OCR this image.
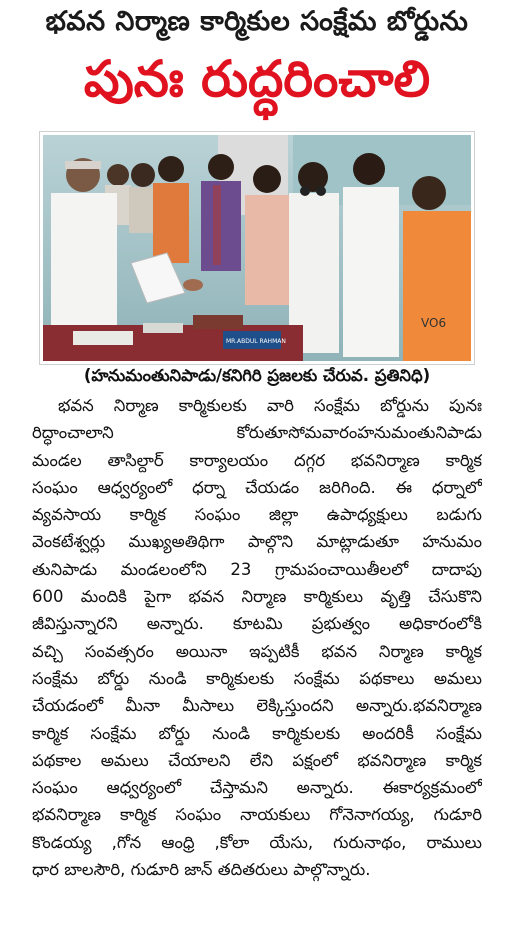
భవన నిర్మాణ కార్మికుల సంక్షేమ బోర్డును
పునః రుద్ధరించాలి
VO6
MR.ABDUL RAHMAN
(హనుమంతునిపాడు/కనిగిరి ప్రజలకు చేరువ. ప్రతినిధి)
భవన నిర్మాణ కార్మికులకు వారి సంక్షేమ బోర్డును పునః
రిద్ధాంచాలాని కోరుతూసోమవారంహనుమంతునిపాడు
మండల తాసిల్దార్ కార్యాలయం దగ్గర భవనిర్మాణ కార్మిక
సంఘం ఆధ్వర్యంలో ధర్నా చేయడం జరిగింది. ఈ ధర్నాలో
వ్యవసాయ కార్మిక సంఘం జిల్లా ఉపాధ్యక్షులు బడుగు
వెంకటేశ్వర్లు ముఖ్యఅతిథిగా పాల్గొని మాట్లాడుతూ హనుమం
తునిపాడు మండలంలోని 23 గ్రామపంచాయితీలలో దాదాపు
600 మందికి పైగా భవన నిర్మాణ కార్మికులు వృత్తి చేసుకొని
జీవిస్తున్నారని అన్నారు. కూటమి ప్రభుత్వం అధికారంలోకి
వచ్చి సంవత్సరం అయినా ఇప్పటికీ భవన నిర్మాణ కార్మిక
సంక్షేమ బోర్డు నుండి కార్మికులకు సంక్షేమ పథకాలు అమలు
చేయడంలో మీనా మీసాలు లెక్కిస్తుందని అన్నారు.భవనిర్మాణ
కార్మిక సంక్షేమ బోర్డు నుండి కార్మికులకు అందరికీ సంక్షేమ
పథకాల అమలు చేయాలని లేని పక్షంలో భవనిర్మాణ కార్మిక
సంఘం ఆధ్వర్యంలో చేస్తామని అన్నారు. ఈకార్యక్రమంలో
భవనిర్మాణ కార్మిక సంఘం నాయకులు గోనెనాగయ్య, గుడూరి
కొండయ్య ,గోన ఆంధ్రి ,కోలా యేసు, గురునాథం, రాములు
ధార బాలసౌరి, గుడూరి జాన్ తదితరులు పాల్గొన్నారు.
